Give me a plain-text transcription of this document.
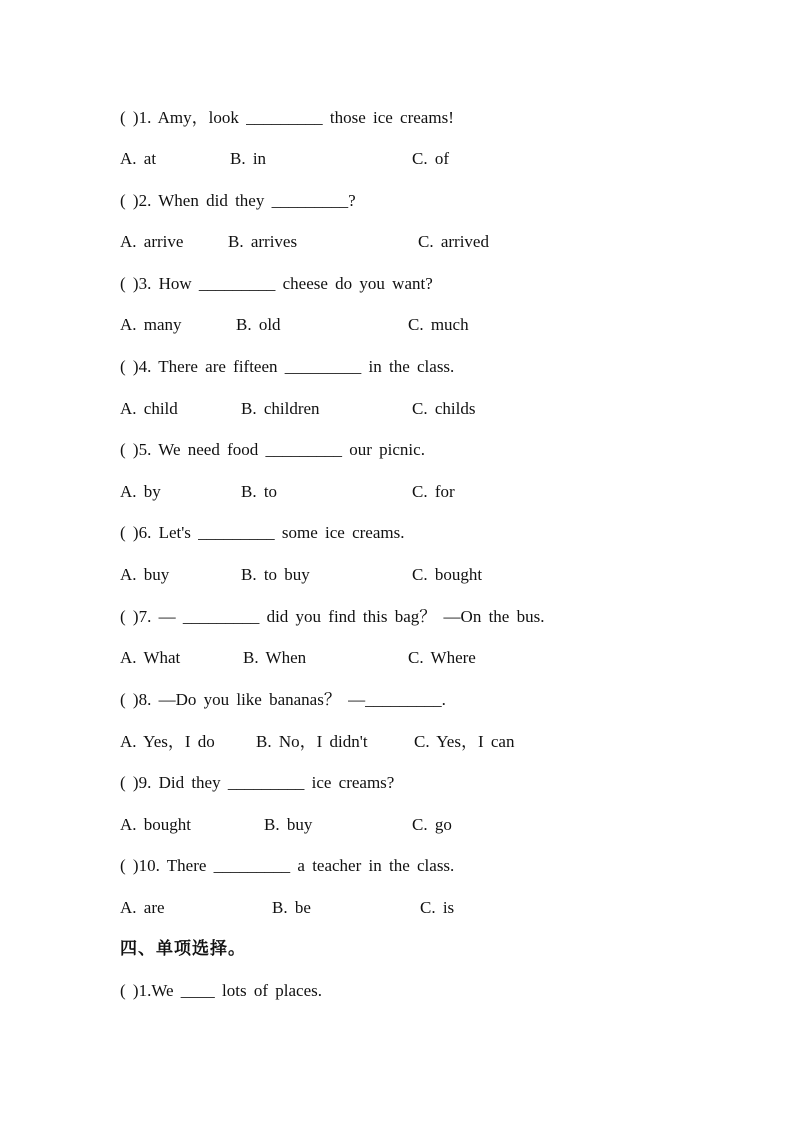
( )1. Amy，look _________ those ice creams!
A. at	B. in	C. of
( )2. When did they _________?
A. arrive	B. arrives	C. arrived
( )3. How _________ cheese do you want?
A. many	B. old	C. much
( )4. There are fifteen _________ in the class.
A. child	B. children	C. childs
( )5. We need food _________ our picnic.
A. by	B. to	C. for
( )6. Let's _________ some ice creams.
A. buy	B. to buy	C. bought
( )7. — _________ did you find this bag？ —On the bus.
A. What	B. When	C. Where
( )8. —Do you like bananas？ —_________.
A. Yes，I do B. No，I didn't	C. Yes，I can
( )9. Did they _________ ice creams?
A. bought	B. buy	C. go
( )10. There _________ a teacher in the class.
A. are	B. be	C. is
四、单项选择。
( )1.We ____ lots of places.
